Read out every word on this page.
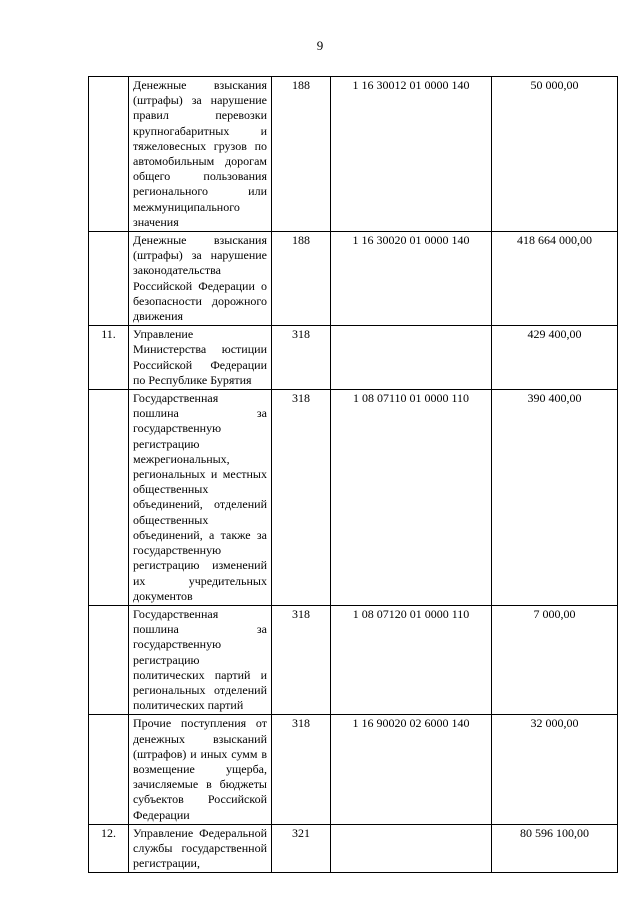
9

	Денежные взыскания (штрафы) за нарушение правил перевозки крупногабаритных и тяжеловесных грузов по автомобильным дорогам общего пользования регионального или межмуниципального значения	188	1 16 30012 01 0000 140	50 000,00

	Денежные взыскания (штрафы) за нарушение законодательства Российской Федерации о безопасности дорожного движения	188	1 16 30020 01 0000 140	418 664 000,00
11.	Управление Министерства юстиции Российской Федерации по Республике Бурятия	318		429 400,00

	Государственная пошлина за государственную регистрацию межрегиональных, региональных и местных общественных объединений, отделений общественных объединений, а также за государственную регистрацию изменений их учредительных документов	318	1 08 07110 01 0000 110	390 400,00

	Государственная пошлина за государственную регистрацию политических партий и региональных отделений политических партий	318	1 08 07120 01 0000 110	7 000,00

	Прочие поступления от денежных взысканий (штрафов) и иных сумм в возмещение ущерба, зачисляемые в бюджеты субъектов Российской Федерации	318	1 16 90020 02 6000 140	32 000,00
12.	Управление Федеральной службы государственной регистрации,	321		80 596 100,00
